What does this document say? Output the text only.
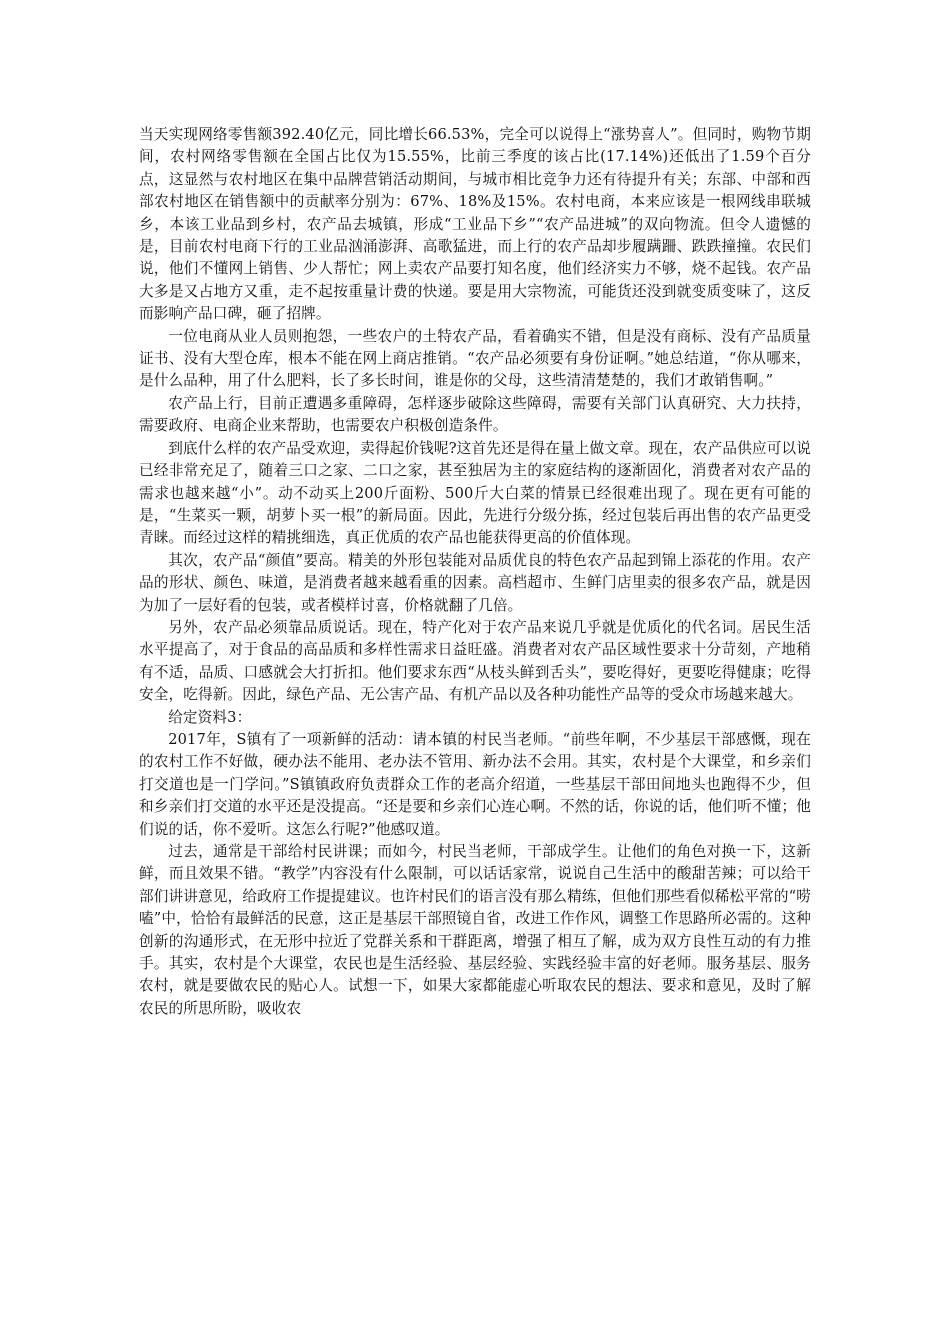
当天实现网络零售额392.40亿元，同比增长66.53%，完全可以说得上“涨势喜人”。但同时，购物节期间，农村网络零售额在全国占比仅为15.55%，比前三季度的该占比(17.14%)还低出了1.59个百分点，这显然与农村地区在集中品牌营销活动期间，与城市相比竞争力还有待提升有关；东部、中部和西部农村地区在销售额中的贡献率分别为：67%、18%及15%。农村电商，本来应该是一根网线串联城乡，本该工业品到乡村，农产品去城镇，形成“工业品下乡”“农产品进城”的双向物流。但令人遗憾的是，目前农村电商下行的工业品汹涌澎湃、高歌猛进，而上行的农产品却步履蹒跚、跌跌撞撞。农民们说，他们不懂网上销售、少人帮忙；网上卖农产品要打知名度，他们经济实力不够，烧不起钱。农产品大多是又占地方又重，走不起按重量计费的快递。要是用大宗物流，可能货还没到就变质变味了，这反而影响产品口碑，砸了招牌。

一位电商从业人员则抱怨，一些农户的土特农产品，看着确实不错，但是没有商标、没有产品质量证书、没有大型仓库，根本不能在网上商店推销。“农产品必须要有身份证啊。”她总结道，“你从哪来，是什么品种，用了什么肥料，长了多长时间，谁是你的父母，这些清清楚楚的，我们才敢销售啊。”

农产品上行，目前正遭遇多重障碍，怎样逐步破除这些障碍，需要有关部门认真研究、大力扶持，需要政府、电商企业来帮助，也需要农户积极创造条件。

到底什么样的农产品受欢迎，卖得起价钱呢?这首先还是得在量上做文章。现在，农产品供应可以说已经非常充足了，随着三口之家、二口之家，甚至独居为主的家庭结构的逐渐固化，消费者对农产品的需求也越来越“小”。动不动买上200斤面粉、500斤大白菜的情景已经很难出现了。现在更有可能的是，“生菜买一颗，胡萝卜买一根”的新局面。因此，先进行分级分拣，经过包装后再出售的农产品更受青睐。而经过这样的精挑细选，真正优质的农产品也能获得更高的价值体现。

其次，农产品“颜值”要高。精美的外形包装能对品质优良的特色农产品起到锦上添花的作用。农产品的形状、颜色、味道，是消费者越来越看重的因素。高档超市、生鲜门店里卖的很多农产品，就是因为加了一层好看的包装，或者模样讨喜，价格就翻了几倍。

另外，农产品必须靠品质说话。现在，特产化对于农产品来说几乎就是优质化的代名词。居民生活水平提高了，对于食品的高品质和多样性需求日益旺盛。消费者对农产品区域性要求十分苛刻，产地稍有不适，品质、口感就会大打折扣。他们要求东西“从枝头鲜到舌头”，要吃得好，更要吃得健康；吃得安全，吃得新。因此，绿色产品、无公害产品、有机产品以及各种功能性产品等的受众市场越来越大。

给定资料3：

2017年，S镇有了一项新鲜的活动：请本镇的村民当老师。“前些年啊，不少基层干部感慨，现在的农村工作不好做，硬办法不能用、老办法不管用、新办法不会用。其实，农村是个大课堂，和乡亲们打交道也是一门学问。”S镇镇政府负责群众工作的老高介绍道，一些基层干部田间地头也跑得不少，但和乡亲们打交道的水平还是没提高。“还是要和乡亲们心连心啊。不然的话，你说的话，他们听不懂；他们说的话，你不爱听。这怎么行呢?”他感叹道。

过去，通常是干部给村民讲课；而如今，村民当老师，干部成学生。让他们的角色对换一下，这新鲜，而且效果不错。“教学”内容没有什么限制，可以话话家常，说说自己生活中的酸甜苦辣；可以给干部们讲讲意见，给政府工作提提建议。也许村民们的语言没有那么精练，但他们那些看似稀松平常的“唠嗑”中，恰恰有最鲜活的民意，这正是基层干部照镜自省，改进工作作风，调整工作思路所必需的。这种创新的沟通形式，在无形中拉近了党群关系和干群距离，增强了相互了解，成为双方良性互动的有力推手。其实，农村是个大课堂，农民也是生活经验、基层经验、实践经验丰富的好老师。服务基层、服务农村，就是要做农民的贴心人。试想一下，如果大家都能虚心听取农民的想法、要求和意见，及时了解农民的所思所盼，吸收农
